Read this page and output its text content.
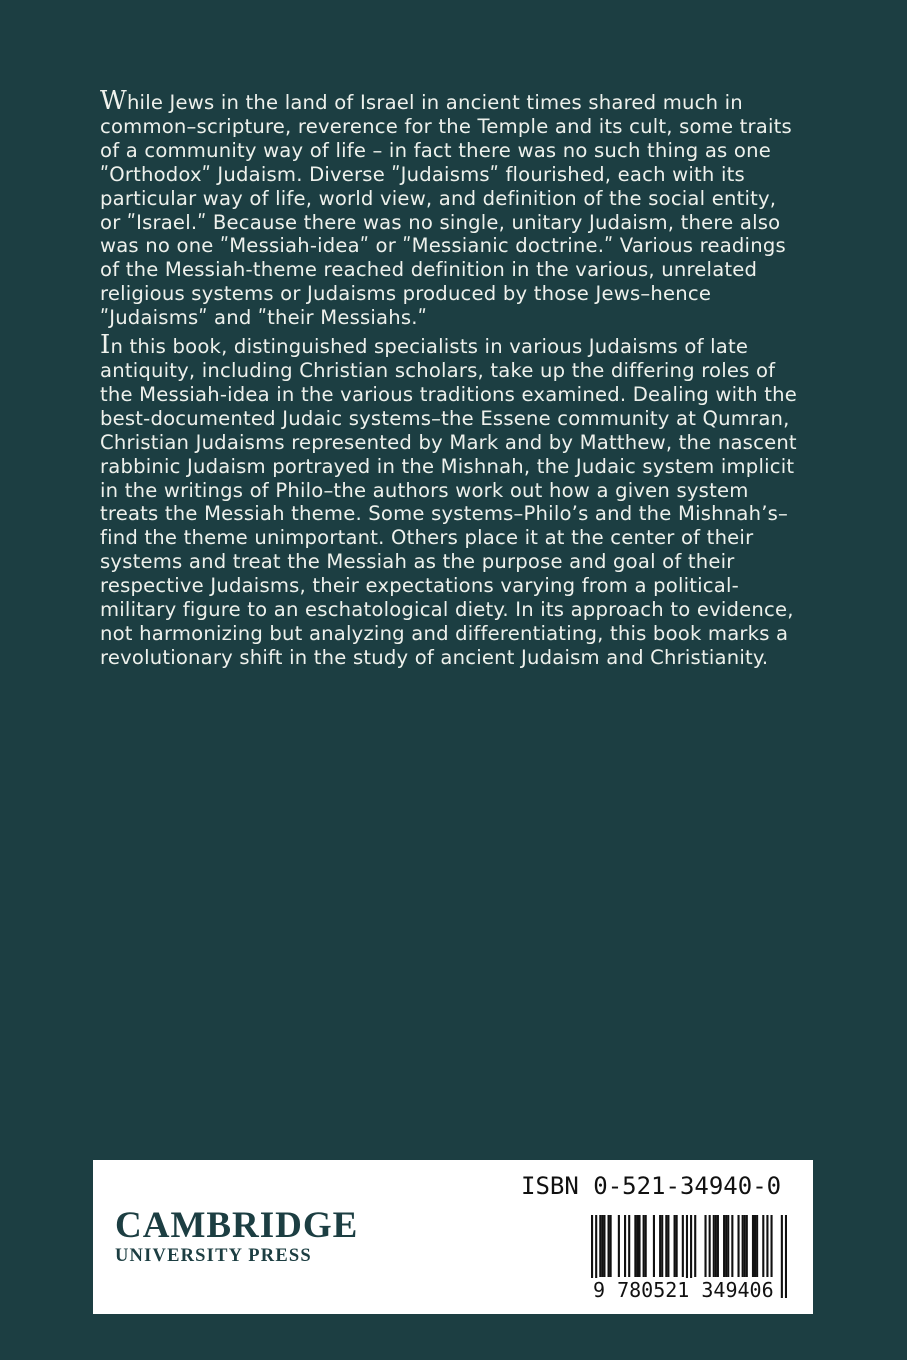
While Jews in the land of Israel in ancient times shared much in common–scripture, reverence for the Temple and its cult, some traits of a community way of life – in fact there was no such thing as one ʺOrthodoxʺ Judaism. Diverse ʺJudaismsʺ flourished, each with its particular way of life, world view, and definition of the social entity, or ʺIsrael.ʺ Because there was no single, unitary Judaism, there also was no one ʺMessiah-ideaʺ or ʺMessianic doctrine.ʺ Various readings of the Messiah-theme reached definition in the various, unrelated religious systems or Judaisms produced by those Jews–hence ʺJudaismsʺ and ʺtheir Messiahs.ʺ

In this book, distinguished specialists in various Judaisms of late antiquity, including Christian scholars, take up the differing roles of the Messiah-idea in the various traditions examined. Dealing with the best-documented Judaic systems–the Essene community at Qumran, Christian Judaisms represented by Mark and by Matthew, the nascent rabbinic Judaism portrayed in the Mishnah, the Judaic system implicit in the writings of Philo–the authors work out how a given system treats the Messiah theme. Some systems–Philo’s and the Mishnah’s–find the theme unimportant. Others place it at the center of their systems and treat the Messiah as the purpose and goal of their respective Judaisms, their expectations varying from a political-military figure to an eschatological diety. In its approach to evidence, not harmonizing but analyzing and differentiating, this book marks a revolutionary shift in the study of ancient Judaism and Christianity.

CAMBRIDGE
UNIVERSITY PRESS
ISBN 0-521-34940-0
9 780521 349406
